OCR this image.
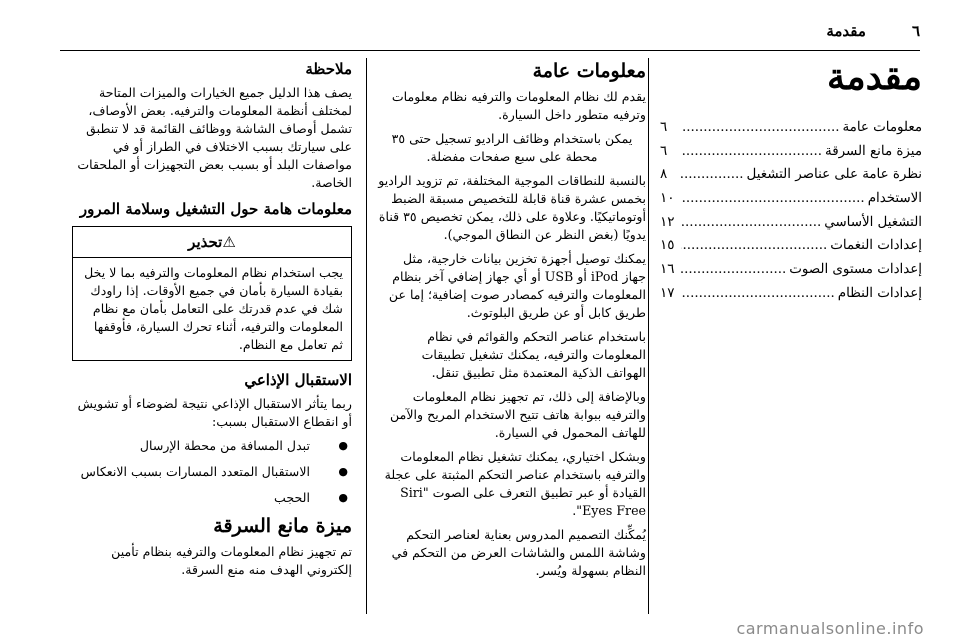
٦
مقدمة
مقدمة
معلومات عامة
.....
٦
ميزة مانع السرقة
.....
٦
نظرة عامة على عناصر التشغيل
.....
٨
الاستخدام
.....
١٠
التشغيل الأساسي
.....
١٢
إعدادات النغمات
.....
١٥
إعدادات مستوى الصوت
.....
١٦
إعدادات النظام
.....
١٧
معلومات عامة

يقدم لك نظام المعلومات والترفيه نظام معلومات وترفيه متطور داخل السيارة.

يمكن باستخدام وظائف الراديو تسجيل حتى ٣٥ محطة على سبع صفحات مفضلة.

بالنسبة للنطاقات الموجية المختلفة، تم تزويد الراديو بخمس عشرة قناة قابلة للتخصيص مسبقة الضبط أوتوماتيكيًا. وعلاوة على ذلك، يمكن تخصيص ٣٥ قناة يدويًا (بغض النظر عن النطاق الموجي).

يمكنك توصيل أجهزة تخزين بيانات خارجية، مثل جهاز iPod أو USB أو أي جهاز إضافي آخر بنظام المعلومات والترفيه كمصادر صوت إضافية؛ إما عن طريق كابل أو عن طريق البلوتوث.

باستخدام عناصر التحكم والقوائم في نظام المعلومات والترفيه، يمكنك تشغيل تطبيقات الهواتف الذكية المعتمدة مثل تطبيق تنقل.

وبالإضافة إلى ذلك، تم تجهيز نظام المعلومات والترفيه ببوابة هاتف تتيح الاستخدام المريح والآمن للهاتف المحمول في السيارة.

وبشكل اختياري، يمكنك تشغيل نظام المعلومات والترفيه باستخدام عناصر التحكم المثبتة على عجلة القيادة أو عبر تطبيق التعرف على الصوت "Siri Eyes Free".

يُمكِّنك التصميم المدروس بعناية لعناصر التحكم وشاشة اللمس والشاشات العرض من التحكم في النظام بسهولة ويُسر.

ملاحظة

يصف هذا الدليل جميع الخيارات والميزات المتاحة لمختلف أنظمة المعلومات والترفيه. بعض الأوصاف، تشمل أوصاف الشاشة ووظائف القائمة قد لا تنطبق على سيارتك بسبب الاختلاف في الطراز أو في مواصفات البلد أو بسبب بعض التجهيزات أو الملحقات الخاصة.

معلومات هامة حول التشغيل وسلامة المرور
⚠تحذير
يجب استخدام نظام المعلومات والترفيه بما لا يخل بقيادة السيارة بأمان في جميع الأوقات. إذا راودك شك في عدم قدرتك على التعامل بأمان مع نظام المعلومات والترفيه، أثناء تحرك السيارة، فأوقفها ثم تعامل مع النظام.
الاستقبال الإذاعي

ربما يتأثر الاستقبال الإذاعي نتيجة لضوضاء أو تشويش أو انقطاع الاستقبال بسبب:

● تبدل المسافة من محطة الإرسال
● الاستقبال المتعدد المسارات بسبب الانعكاس
● الحجب
ميزة مانع السرقة

تم تجهيز نظام المعلومات والترفيه بنظام تأمين إلكتروني الهدف منه منع السرقة.

carmanualsonline.info
